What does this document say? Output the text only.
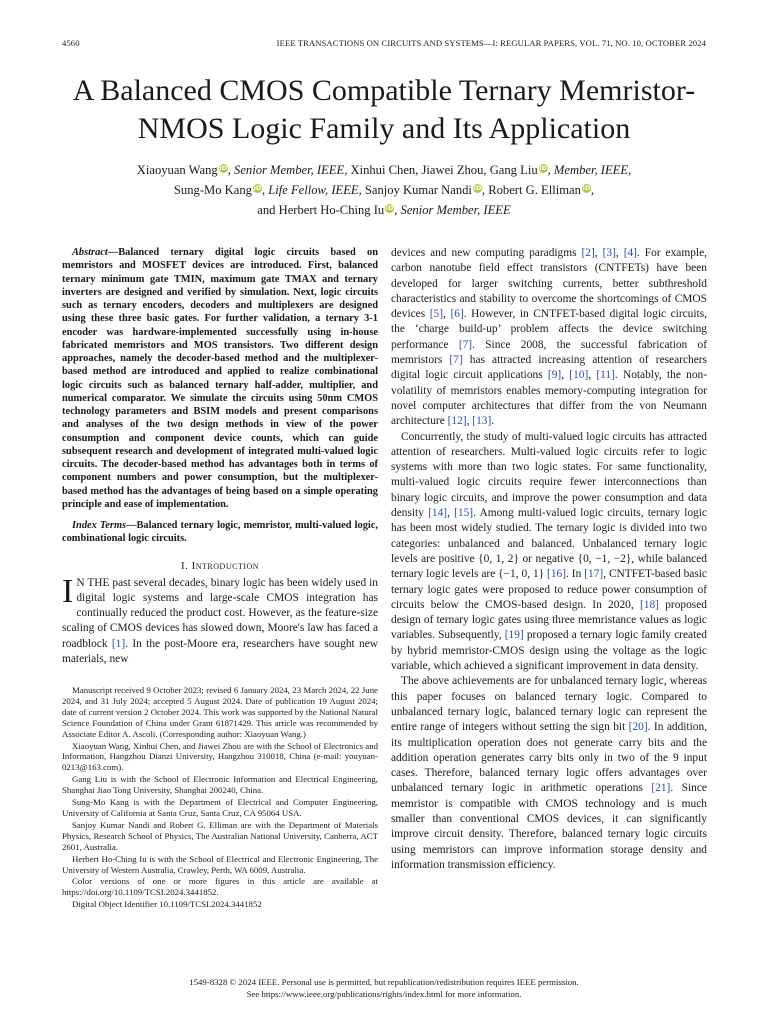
4560	IEEE TRANSACTIONS ON CIRCUITS AND SYSTEMS—I: REGULAR PAPERS, VOL. 71, NO. 10, OCTOBER 2024
A Balanced CMOS Compatible Ternary Memristor-
NMOS Logic Family and Its Application
Xiaoyuan Wang iD, Senior Member, IEEE, Xinhui Chen, Jiawei Zhou, Gang Liu iD, Member, IEEE,
Sung-Mo Kang iD, Life Fellow, IEEE, Sanjoy Kumar Nandi iD, Robert G. Elliman iD,
and Herbert Ho-Ching Iu iD, Senior Member, IEEE

Abstract—Balanced ternary digital logic circuits based on memristors and MOSFET devices are introduced. First, balanced ternary minimum gate TMIN, maximum gate TMAX and ternary inverters are designed and verified by simulation. Next, logic circuits such as ternary encoders, decoders and multiplexers are designed using these three basic gates. For further validation, a ternary 3-1 encoder was hardware-implemented successfully using in-house fabricated memristors and MOS transistors. Two different design approaches, namely the decoder-based method and the multiplexer-based method are introduced and applied to realize combinational logic circuits such as balanced ternary half-adder, multiplier, and numerical comparator. We simulate the circuits using 50nm CMOS technology parameters and BSIM models and present comparisons and analyses of the two design methods in view of the power consumption and component device counts, which can guide subsequent research and development of integrated multi-valued logic circuits. The decoder-based method has advantages both in terms of component numbers and power consumption, but the multiplexer-based method has the advantages of being based on a simple operating principle and ease of implementation.

Index Terms—Balanced ternary logic, memristor, multi-valued logic, combinational logic circuits.

I. Introduction

I N THE past several decades, binary logic has been widely used in digital logic systems and large-scale CMOS integration has continually reduced the product cost. However, as the feature-size scaling of CMOS devices has slowed down, Moore's law has faced a roadblock [1]. In the post-Moore era, researchers have sought new materials, new

Manuscript received 9 October 2023; revised 6 January 2024, 23 March 2024, 22 June 2024, and 31 July 2024; accepted 5 August 2024. Date of publication 19 August 2024; date of current version 2 October 2024. This work was supported by the National Natural Science Foundation of China under Grant 61871429. This article was recommended by Associate Editor A. Ascoli. (Corresponding author: Xiaoyuan Wang.)

Xiaoyuan Wang, Xinhui Chen, and Jiawei Zhou are with the School of Electronics and Information, Hangzhou Dianzi University, Hangzhou 310018, China (e-mail: youyuan-0213@163.com).

Gang Liu is with the School of Electronic Information and Electrical Engineering, Shanghai Jiao Tong University, Shanghai 200240, China.

Sung-Mo Kang is with the Department of Electrical and Computer Engineering, University of California at Santa Cruz, Santa Cruz, CA 95064 USA.

Sanjoy Kumar Nandi and Robert G. Elliman are with the Department of Materials Physics, Research School of Physics, The Australian National University, Canberra, ACT 2601, Australia.

Herbert Ho-Ching Iu is with the School of Electrical and Electronic Engineering, The University of Western Australia, Crawley, Perth, WA 6009, Australia.

Color versions of one or more figures in this article are available at https://doi.org/10.1109/TCSI.2024.3441852.

Digital Object Identifier 10.1109/TCSI.2024.3441852

devices and new computing paradigms [2], [3], [4]. For example, carbon nanotube field effect transistors (CNTFETs) have been developed for larger switching currents, better subthreshold characteristics and stability to overcome the shortcomings of CMOS devices [5], [6]. However, in CNTFET-based digital logic circuits, the ‘charge build-up’ problem affects the device switching performance [7]. Since 2008, the successful fabrication of memristors [7] has attracted increasing attention of researchers digital logic circuit applications [9], [10], [11]. Notably, the non-volatility of memristors enables memory-computing integration for novel computer architectures that differ from the von Neumann architecture [12], [13].

Concurrently, the study of multi-valued logic circuits has attracted attention of researchers. Multi-valued logic circuits refer to logic systems with more than two logic states. For same functionality, multi-valued logic circuits require fewer interconnections than binary logic circuits, and improve the power consumption and data density [14], [15]. Among multi-valued logic circuits, ternary logic has been most widely studied. The ternary logic is divided into two categories: unbalanced and balanced. Unbalanced ternary logic levels are positive {0, 1, 2} or negative {0, −1, −2}, while balanced ternary logic levels are {−1, 0, 1} [16]. In [17], CNTFET-based basic ternary logic gates were proposed to reduce power consumption of circuits below the CMOS-based design. In 2020, [18] proposed design of ternary logic gates using three memristance values as logic variables. Subsequently, [19] proposed a ternary logic family created by hybrid memristor-CMOS design using the voltage as the logic variable, which achieved a significant improvement in data density.

The above achievements are for unbalanced ternary logic, whereas this paper focuses on balanced ternary logic. Compared to unbalanced ternary logic, balanced ternary logic can represent the entire range of integers without setting the sign bit [20]. In addition, its multiplication operation does not generate carry bits and the addition operation generates carry bits only in two of the 9 input cases. Therefore, balanced ternary logic offers advantages over unbalanced ternary logic in arithmetic operations [21]. Since memristor is compatible with CMOS technology and is much smaller than conventional CMOS devices, it can significantly improve circuit density. Therefore, balanced ternary logic circuits using memristors can improve information storage density and information transmission efficiency.

1549-8328 © 2024 IEEE. Personal use is permitted, but republication/redistribution requires IEEE permission.
See https://www.ieee.org/publications/rights/index.html for more information.
